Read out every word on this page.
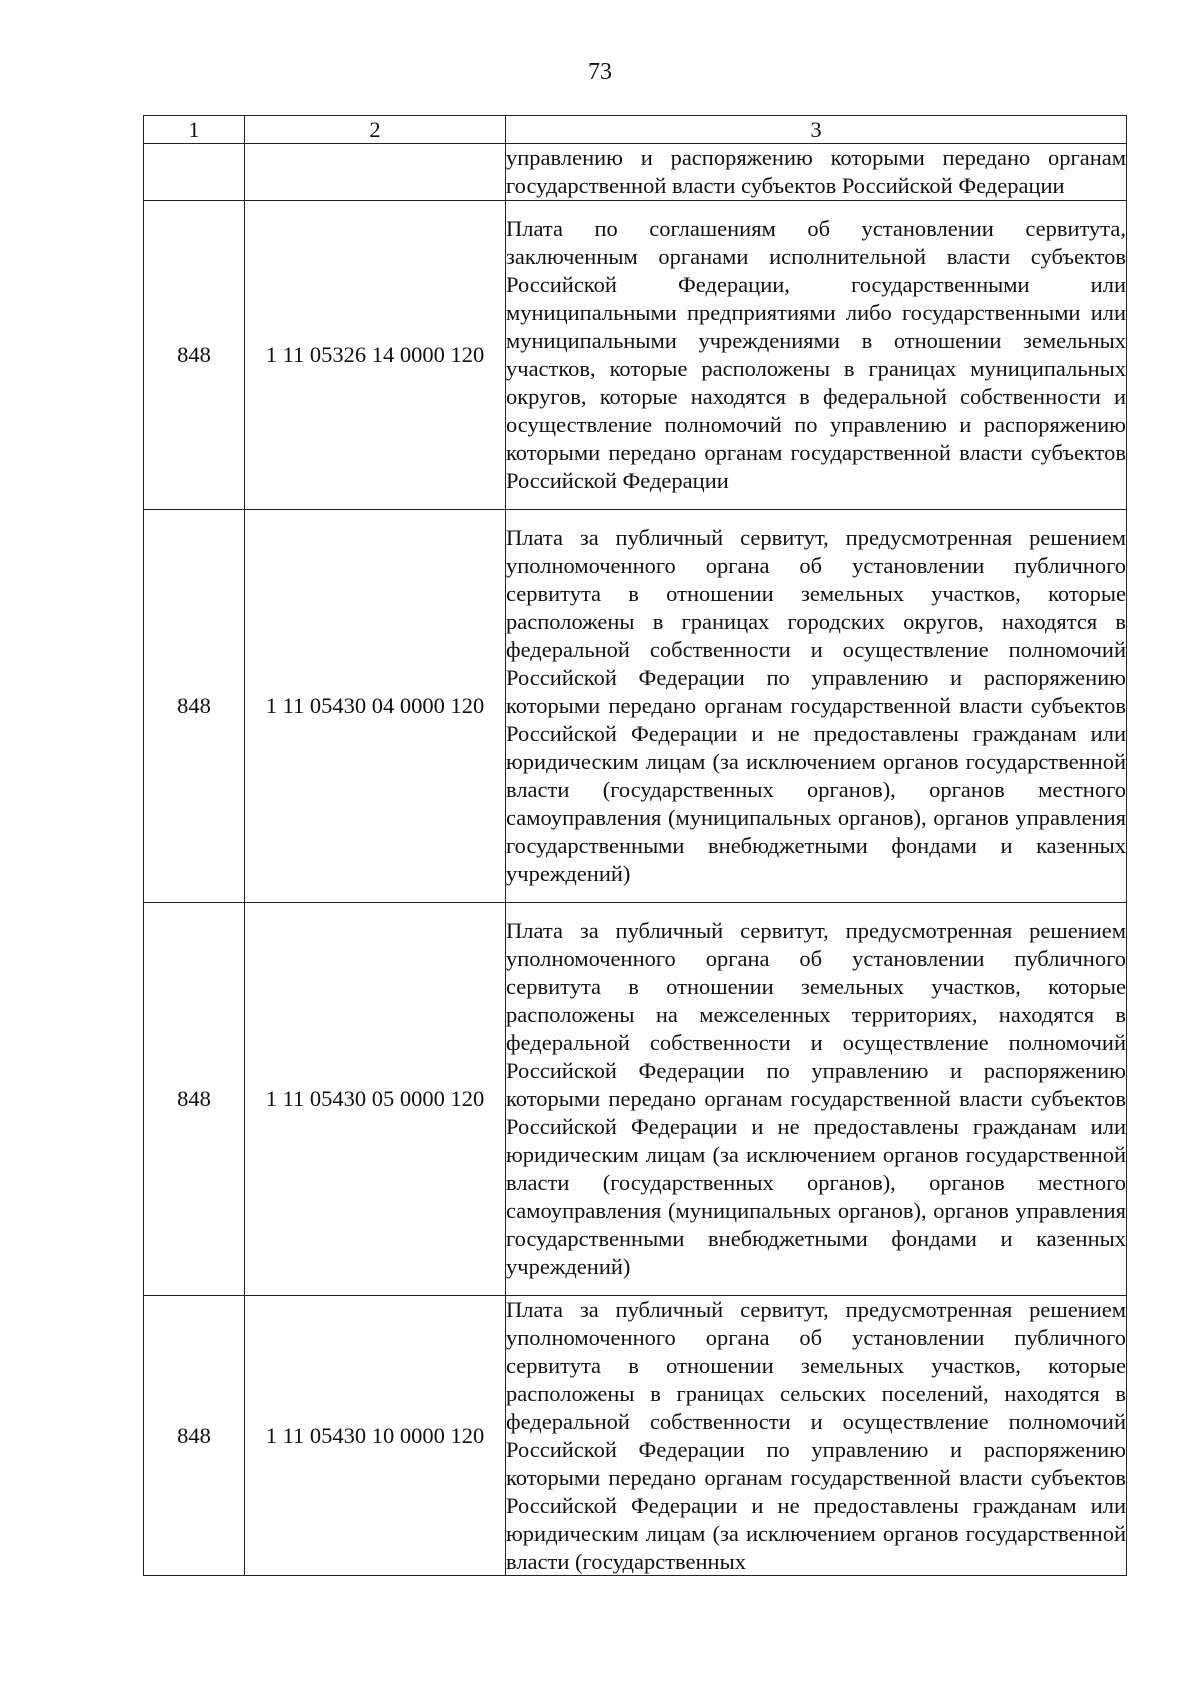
73
1	2	3

		управлению и распоряжению которыми передано органам государственной власти субъектов Российской Федерации

848	1 11 05326 14 0000 120	Плата по соглашениям об установлении сервитута, заключенным органами исполнительной власти субъектов Российской Федерации, государственными или муниципальными предприятиями либо государственными или муниципальными учреждениями в отношении земельных участков, которые расположены в границах муниципальных округов, которые находятся в федеральной собственности и осуществление полномочий по управлению и распоряжению которыми передано органам государственной власти субъектов Российской Федерации

848	1 11 05430 04 0000 120	Плата за публичный сервитут, предусмотренная решением уполномоченного органа об установлении публичного сервитута в отношении земельных участков, которые расположены в границах городских округов, находятся в федеральной собственности и осуществление полномочий Российской Федерации по управлению и распоряжению которыми передано органам государственной власти субъектов Российской Федерации и не предоставлены гражданам или юридическим лицам (за исключением органов государственной власти (государственных органов), органов местного самоуправления (муниципальных органов), органов управления государственными внебюджетными фондами и казенных учреждений)

848	1 11 05430 05 0000 120	Плата за публичный сервитут, предусмотренная решением уполномоченного органа об установлении публичного сервитута в отношении земельных участков, которые расположены на межселенных территориях, находятся в федеральной собственности и осуществление полномочий Российской Федерации по управлению и распоряжению которыми передано органам государственной власти субъектов Российской Федерации и не предоставлены гражданам или юридическим лицам (за исключением органов государственной власти (государственных органов), органов местного самоуправления (муниципальных органов), органов управления государственными внебюджетными фондами и казенных учреждений)

848	1 11 05430 10 0000 120	Плата за публичный сервитут, предусмотренная решением уполномоченного органа об установлении публичного сервитута в отношении земельных участков, которые расположены в границах сельских поселений, находятся в федеральной собственности и осуществление полномочий Российской Федерации по управлению и распоряжению которыми передано органам государственной власти субъектов Российской Федерации и не предоставлены гражданам или юридическим лицам (за исключением органов государственной власти (государственных
